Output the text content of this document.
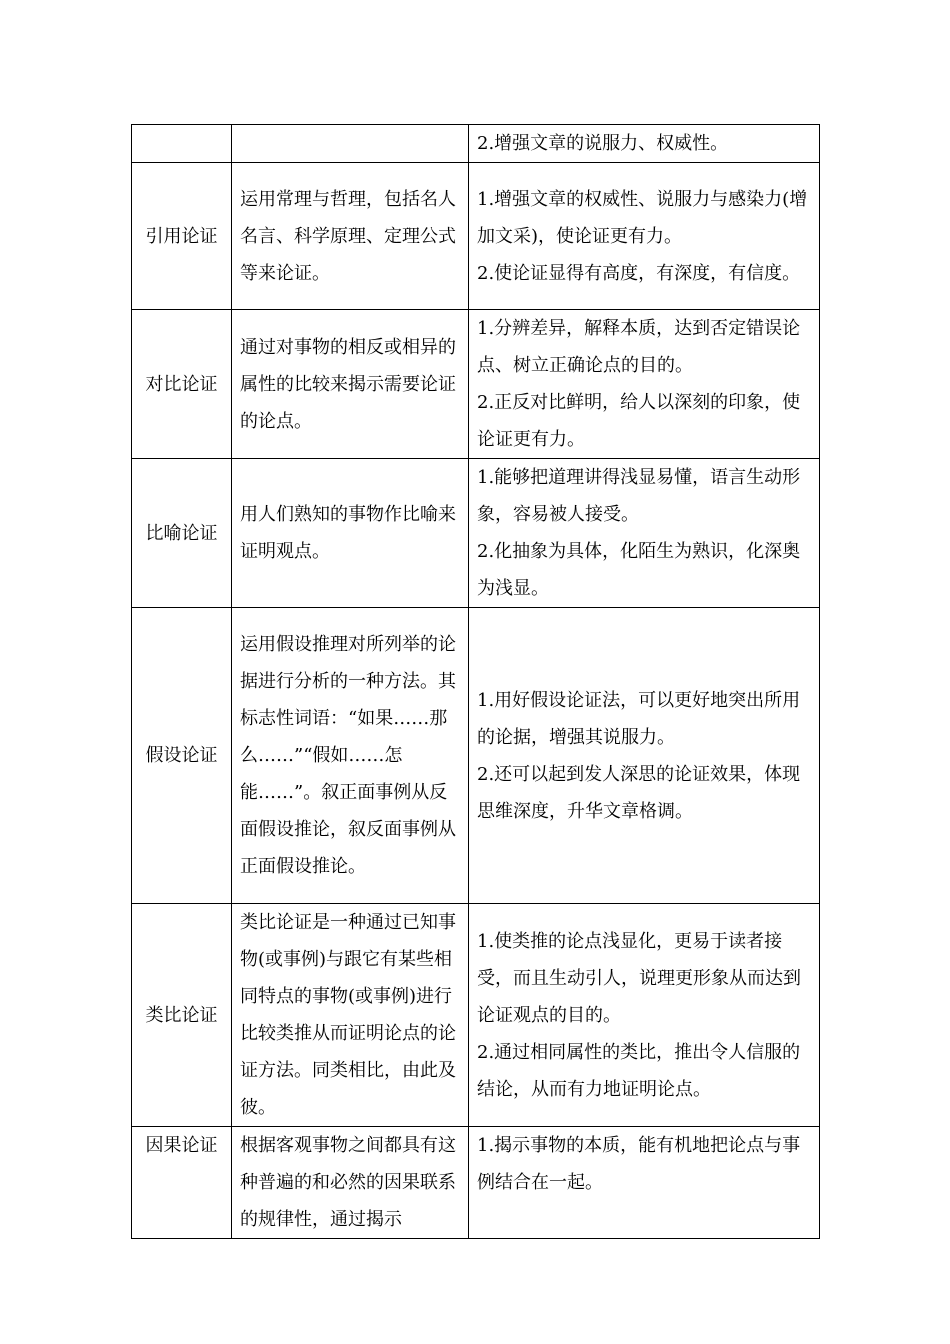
		2.增强文章的说服力、权威性。

引用论证	运用常理与哲理，包括名人名言、科学原理、定理公式等来论证。	1.增强文章的权威性、说服力与感染力(增加文采)，使论证更有力。
2.使论证显得有高度，有深度，有信度。

对比论证	通过对事物的相反或相异的属性的比较来揭示需要论证的论点。	1.分辨差异，解释本质，达到否定错误论点、树立正确论点的目的。
2.正反对比鲜明，给人以深刻的印象，使论证更有力。

比喻论证	用人们熟知的事物作比喻来证明观点。	1.能够把道理讲得浅显易懂，语言生动形象，容易被人接受。
2.化抽象为具体，化陌生为熟识，化深奥为浅显。

假设论证	运用假设推理对所列举的论据进行分析的一种方法。其标志性词语：“如果……那么……”“假如……怎能……”。叙正面事例从反面假设推论，叙反面事例从正面假设推论。	1.用好假设论证法，可以更好地突出所用的论据，增强其说服力。
2.还可以起到发人深思的论证效果，体现思维深度，升华文章格调。

类比论证	类比论证是一种通过已知事物(或事例)与跟它有某些相同特点的事物(或事例)进行比较类推从而证明论点的论证方法。同类相比，由此及彼。	1.使类推的论点浅显化，更易于读者接受，而且生动引人，说理更形象从而达到论证观点的目的。
2.通过相同属性的类比，推出令人信服的结论，从而有力地证明论点。

因果论证	根据客观事物之间都具有这种普遍的和必然的因果联系的规律性，通过揭示	1.揭示事物的本质，能有机地把论点与事例结合在一起。
